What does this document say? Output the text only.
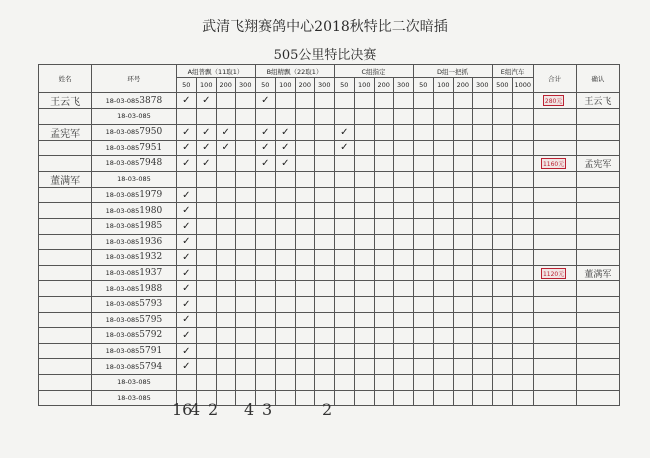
武清飞翔赛鸽中心2018秋特比二次暗插
505公里特比决赛
姓名	环号	A组普飘（11取1）				B组精飘（22取1）				C组指定				D组一把抓				E组汽车		合计	确认
		50	100	200	300	50	100	200	300	50	100	200	300	50	100	200	300	500	1000		
王云飞	18-03-0853878	✓	✓			✓														280元	王云飞
	18-03-085																				
孟宪军	18-03-0857950	✓	✓	✓		✓	✓			✓											
	18-03-0857951	✓	✓	✓		✓	✓			✓											
	18-03-0857948	✓	✓			✓	✓													1160元	孟宪军
董满军	18-03-085																				
	18-03-0851979	✓																			
	18-03-0851980	✓																			
	18-03-0851985	✓																			
	18-03-0851936	✓																			
	18-03-0851932	✓																			
	18-03-0851937	✓																		1120元	董满军
	18-03-0851988	✓																			
	18-03-0855793	✓																			
	18-03-0855795	✓																			
	18-03-0855792	✓																			
	18-03-0855791	✓																			
	18-03-0855794	✓																			
	18-03-085																				
	18-03-085																				
16
4 2 4 3	2
